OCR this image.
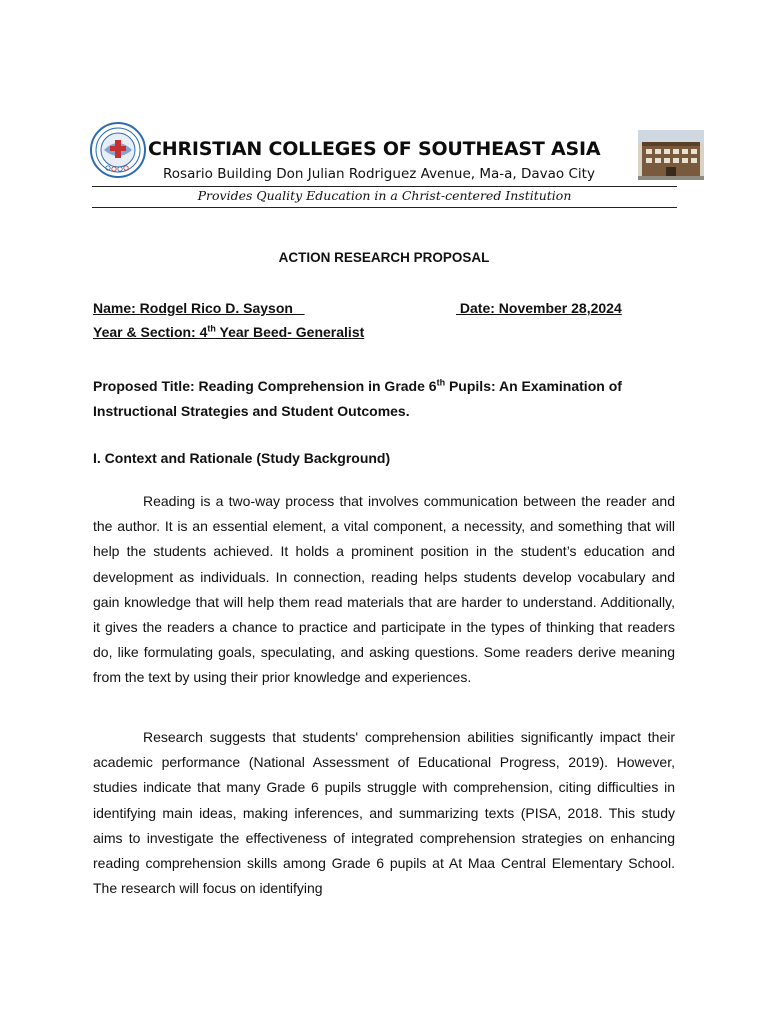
CHRISTIAN COLLEGES OF SOUTHEAST ASIA
Rosario Building Don Julian Rodriguez Avenue, Ma-a, Davao City
Provides Quality Education in a Christ-centered Institution
ACTION RESEARCH PROPOSAL
Name: Rodgel Rico D. Sayson	Date: November 28,2024
Year & Section: 4th Year Beed- Generalist
Proposed Title: Reading Comprehension in Grade 6th Pupils: An Examination of Instructional Strategies and Student Outcomes.
I. Context and Rationale (Study Background)

Reading is a two-way process that involves communication between the reader and the author. It is an essential element, a vital component, a necessity, and something that will help the students achieved. It holds a prominent position in the student’s education and development as individuals. In connection, reading helps students develop vocabulary and gain knowledge that will help them read materials that are harder to understand. Additionally, it gives the readers a chance to practice and participate in the types of thinking that readers do, like formulating goals, speculating, and asking questions. Some readers derive meaning from the text by using their prior knowledge and experiences.

Research suggests that students' comprehension abilities significantly impact their academic performance (National Assessment of Educational Progress, 2019). However, studies indicate that many Grade 6 pupils struggle with comprehension, citing difficulties in identifying main ideas, making inferences, and summarizing texts (PISA, 2018. This study aims to investigate the effectiveness of integrated comprehension strategies on enhancing reading comprehension skills among Grade 6 pupils at At Maa Central Elementary School. The research will focus on identifying
